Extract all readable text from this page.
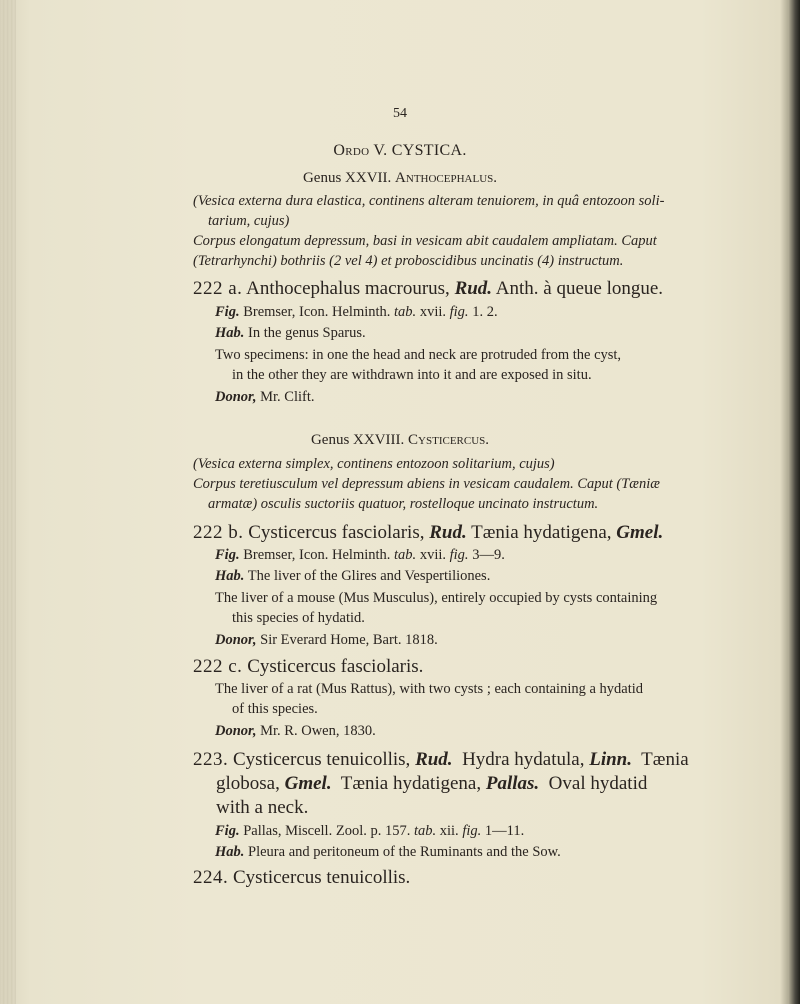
54
Ordo V. CYSTICA.
Genus XXVII. Anthocephalus.
(Vesica externa dura elastica, continens alteram tenuiorem, in quâ entozoon soli-
tarium, cujus)
Corpus elongatum depressum, basi in vesicam abit caudalem ampliatam. Caput
(Tetrarhynchi) bothriis (2 vel 4) et proboscidibus uncinatis (4) instructum.
222 a. Anthocephalus macrourus, Rud. Anth. à queue longue.
Fig. Bremser, Icon. Helminth. tab. xvii. fig. 1. 2.
Hab. In the genus Sparus.
Two specimens: in one the head and neck are protruded from the cyst,
in the other they are withdrawn into it and are exposed in situ.
Donor, Mr. Clift.
Genus XXVIII. Cysticercus.
(Vesica externa simplex, continens entozoon solitarium, cujus)
Corpus teretiusculum vel depressum abiens in vesicam caudalem. Caput (Tæniæ
armatæ) osculis suctoriis quatuor, rostelloque uncinato instructum.
222 b. Cysticercus fasciolaris, Rud. Tænia hydatigena, Gmel.
Fig. Bremser, Icon. Helminth. tab. xvii. fig. 3—9.
Hab. The liver of the Glires and Vespertiliones.
The liver of a mouse (Mus Musculus), entirely occupied by cysts containing
this species of hydatid.
Donor, Sir Everard Home, Bart. 1818.
222 c. Cysticercus fasciolaris.
The liver of a rat (Mus Rattus), with two cysts ; each containing a hydatid
of this species.
Donor, Mr. R. Owen, 1830.
223. Cysticercus tenuicollis, Rud. Hydra hydatula, Linn. Tænia
globosa, Gmel. Tænia hydatigena, Pallas. Oval hydatid
with a neck.
Fig. Pallas, Miscell. Zool. p. 157. tab. xii. fig. 1—11.
Hab. Pleura and peritoneum of the Ruminants and the Sow.
224. Cysticercus tenuicollis.
